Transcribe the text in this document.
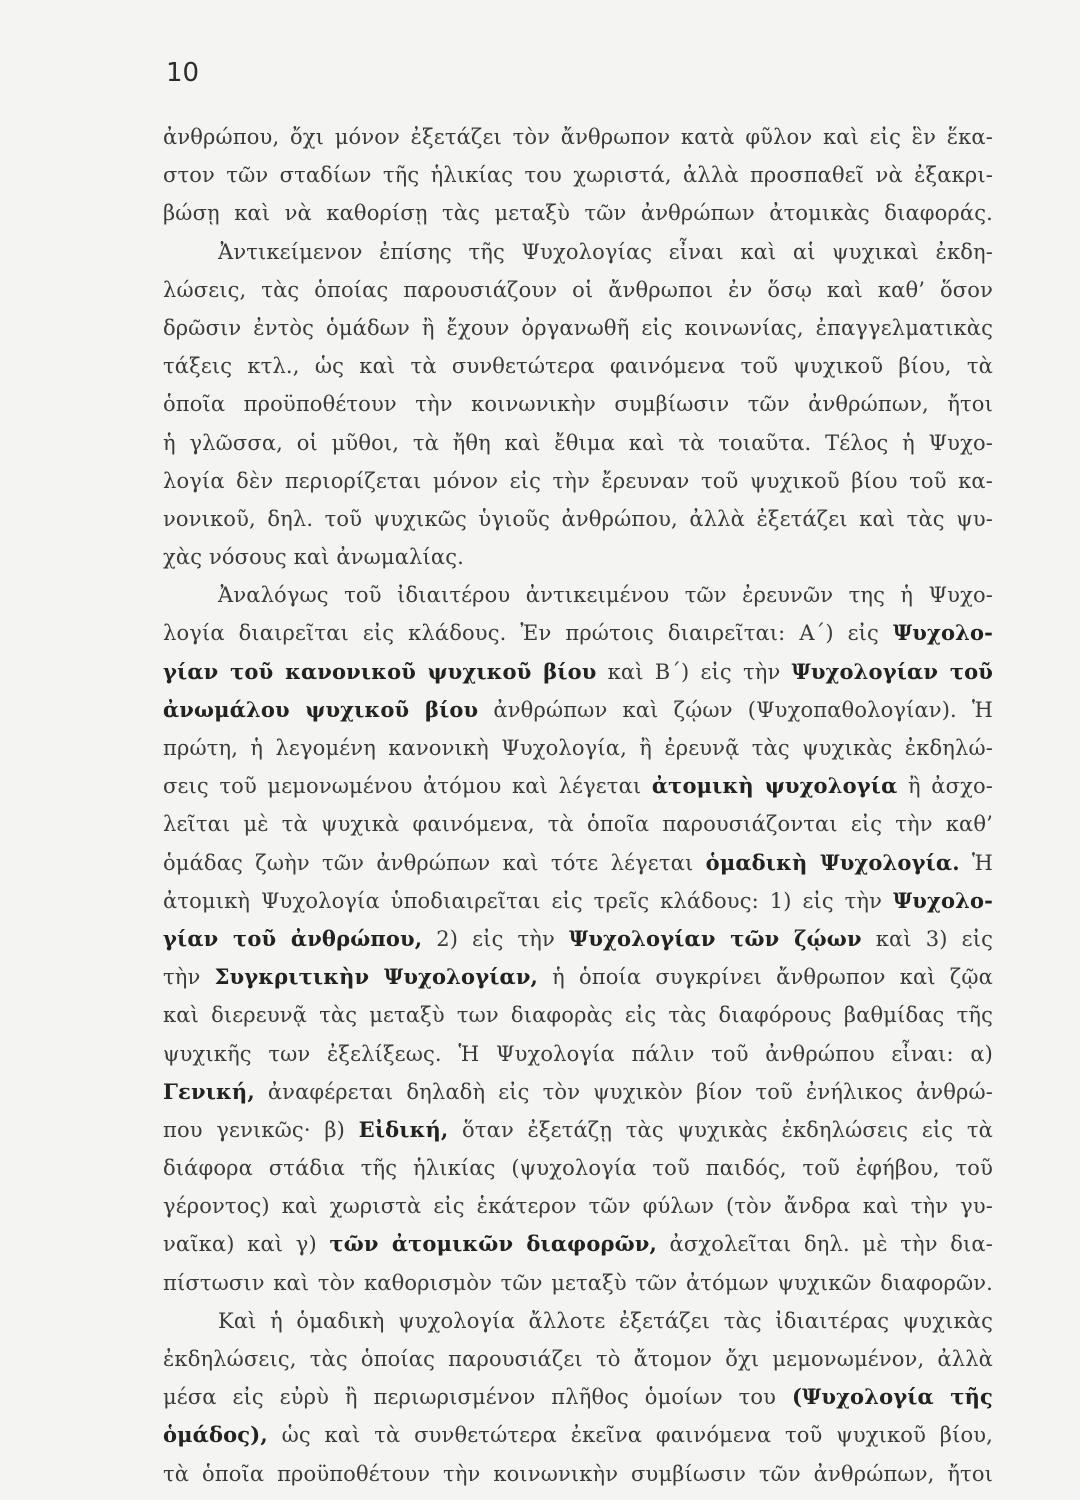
10
ἀνθρώπου, ὄχι μόνον ἐξετάζει τὸν ἄνθρωπον κατὰ φῦλον καὶ εἰς ἓν ἕκα-
στον τῶν σταδίων τῆς ἡλικίας του χωριστά, ἀλλὰ προσπαθεῖ νὰ ἐξακρι-
βώσῃ καὶ νὰ καθορίσῃ τὰς μεταξὺ τῶν ἀνθρώπων ἀτομικὰς διαφοράς.
Ἀντικείμενον ἐπίσης τῆς Ψυχολογίας εἶναι καὶ αἱ ψυχικαὶ ἐκδη-
λώσεις, τὰς ὁποίας παρουσιάζουν οἱ ἄνθρωποι ἐν ὅσῳ καὶ καθ’ ὅσον
δρῶσιν ἐντὸς ὁμάδων ἢ ἔχουν ὀργανωθῆ εἰς κοινωνίας, ἐπαγγελματικὰς
τάξεις κτλ., ὡς καὶ τὰ συνθετώτερα φαινόμενα τοῦ ψυχικοῦ βίου, τὰ
ὁποῖα προϋποθέτουν τὴν κοινωνικὴν συμβίωσιν τῶν ἀνθρώπων, ἤτοι
ἡ γλῶσσα, οἱ μῦθοι, τὰ ἤθη καὶ ἔθιμα καὶ τὰ τοιαῦτα. Τέλος ἡ Ψυχο-
λογία δὲν περιορίζεται μόνον εἰς τὴν ἔρευναν τοῦ ψυχικοῦ βίου τοῦ κα-
νονικοῦ, δηλ. τοῦ ψυχικῶς ὑγιοῦς ἀνθρώπου, ἀλλὰ ἐξετάζει καὶ τὰς ψυ-
χὰς νόσους καὶ ἀνωμαλίας.
Ἀναλόγως τοῦ ἰδιαιτέρου ἀντικειμένου τῶν ἐρευνῶν της ἡ Ψυχο-
λογία διαιρεῖται εἰς κλάδους. Ἐν πρώτοις διαιρεῖται: Α΄) εἰς Ψυχολο-
γίαν τοῦ κανονικοῦ ψυχικοῦ βίου καὶ Β΄) εἰς τὴν Ψυχολογίαν τοῦ
ἀνωμάλου ψυχικοῦ βίου ἀνθρώπων καὶ ζῴων (Ψυχοπαθολογίαν). Ἡ
πρώτη, ἡ λεγομένη κανονικὴ Ψυχολογία, ἢ ἐρευνᾷ τὰς ψυχικὰς ἐκδηλώ-
σεις τοῦ μεμονωμένου ἀτόμου καὶ λέγεται ἀτομικὴ ψυχολογία ἢ ἀσχο-
λεῖται μὲ τὰ ψυχικὰ φαινόμενα, τὰ ὁποῖα παρουσιάζονται εἰς τὴν καθ’
ὁμάδας ζωὴν τῶν ἀνθρώπων καὶ τότε λέγεται ὁμαδικὴ Ψυχολογία. Ἡ
ἀτομικὴ Ψυχολογία ὑποδιαιρεῖται εἰς τρεῖς κλάδους: 1) εἰς τὴν Ψυχολο-
γίαν τοῦ ἀνθρώπου, 2) εἰς τὴν Ψυχολογίαν τῶν ζῴων καὶ 3) εἰς
τὴν Συγκριτικὴν Ψυχολογίαν, ἡ ὁποία συγκρίνει ἄνθρωπον καὶ ζῷα
καὶ διερευνᾷ τὰς μεταξὺ των διαφορὰς εἰς τὰς διαφόρους βαθμίδας τῆς
ψυχικῆς των ἐξελίξεως. Ἡ Ψυχολογία πάλιν τοῦ ἀνθρώπου εἶναι: α)
Γενική, ἀναφέρεται δηλαδὴ εἰς τὸν ψυχικὸν βίον τοῦ ἐνήλικος ἀνθρώ-
που γενικῶς· β) Εἰδική, ὅταν ἐξετάζῃ τὰς ψυχικὰς ἐκδηλώσεις εἰς τὰ
διάφορα στάδια τῆς ἡλικίας (ψυχολογία τοῦ παιδός, τοῦ ἐφήβου, τοῦ
γέροντος) καὶ χωριστὰ εἰς ἑκάτερον τῶν φύλων (τὸν ἄνδρα καὶ τὴν γυ-
ναῖκα) καὶ γ) τῶν ἀτομικῶν διαφορῶν, ἀσχολεῖται δηλ. μὲ τὴν δια-
πίστωσιν καὶ τὸν καθορισμὸν τῶν μεταξὺ τῶν ἀτόμων ψυχικῶν διαφορῶν.
Καὶ ἡ ὁμαδικὴ ψυχολογία ἄλλοτε ἐξετάζει τὰς ἰδιαιτέρας ψυχικὰς
ἐκδηλώσεις, τὰς ὁποίας παρουσιάζει τὸ ἄτομον ὄχι μεμονωμένον, ἀλλὰ
μέσα εἰς εὐρὺ ἢ περιωρισμένον πλῆθος ὁμοίων του (Ψυχολογία τῆς
ὁμάδος), ὡς καὶ τὰ συνθετώτερα ἐκεῖνα φαινόμενα τοῦ ψυχικοῦ βίου,
τὰ ὁποῖα προϋποθέτουν τὴν κοινωνικὴν συμβίωσιν τῶν ἀνθρώπων, ἤτοι
